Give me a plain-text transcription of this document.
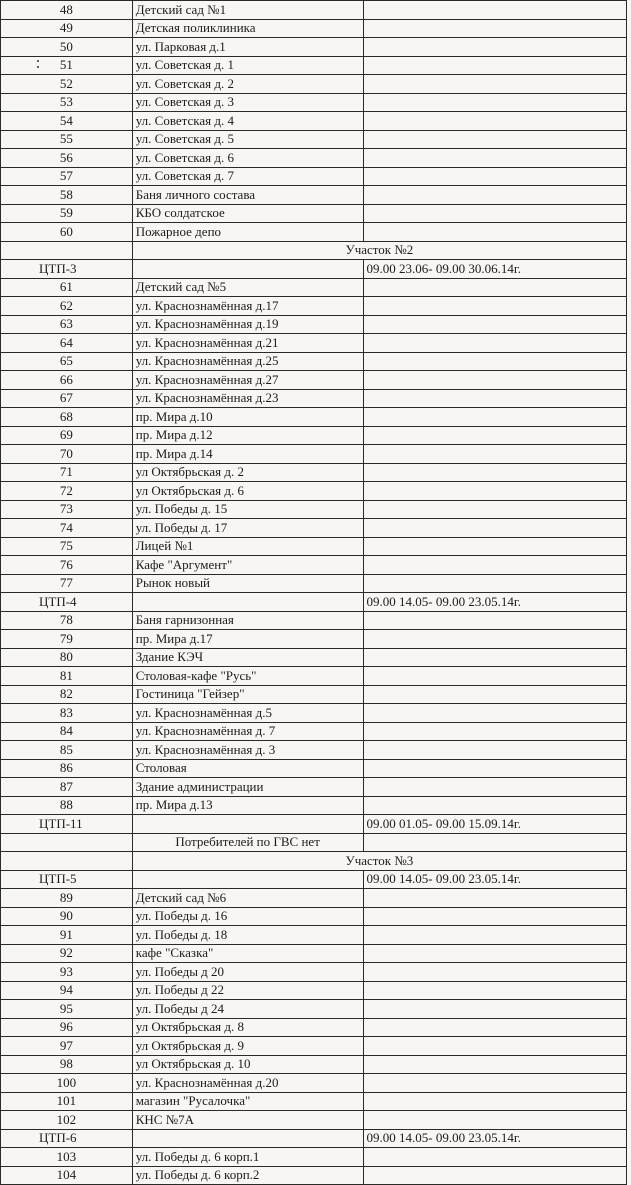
48	Детский сад №1	
49	Детская поликлиника	
50	ул. Парковая д.1	
51	ул. Советская д. 1	
52	ул. Советская д. 2	
53	ул. Советская д. 3	
54	ул. Советская д. 4	
55	ул. Советская д. 5	
56	ул. Советская д. 6	
57	ул. Советская д. 7	
58	Баня личного состава	
59	КБО солдатское	
60	Пожарное депо	
	Участок №2	
ЦТП-3		09.00 23.06- 09.00 30.06.14г.
61	Детский сад №5	
62	ул. Краснознамённая д.17	
63	ул. Краснознамённая д.19	
64	ул. Краснознамённая д.21	
65	ул. Краснознамённая д.25	
66	ул. Краснознамённая д.27	
67	ул. Краснознамённая д.23	
68	пр. Мира д.10	
69	пр. Мира д.12	
70	пр. Мира д.14	
71	ул Октябрьская д. 2	
72	ул Октябрьская д. 6	
73	ул. Победы д. 15	
74	ул. Победы д. 17	
75	Лицей №1	
76	Кафе "Аргумент"	
77	Рынок новый	
ЦТП-4		09.00 14.05- 09.00 23.05.14г.
78	Баня гарнизонная	
79	пр. Мира д.17	
80	Здание КЭЧ	
81	Столовая-кафе "Русь"	
82	Гостиница "Гейзер"	
83	ул. Краснознамённая д.5	
84	ул. Краснознамённая д. 7	
85	ул. Краснознамённая д. 3	
86	Столовая	
87	Здание администрации	
88	пр. Мира д.13	
ЦТП-11		09.00 01.05- 09.00 15.09.14г.
	Потребителей по ГВС нет	
	Участок №3	
ЦТП-5		09.00 14.05- 09.00 23.05.14г.
89	Детский сад №6	
90	ул. Победы д. 16	
91	ул. Победы д. 18	
92	кафе "Сказка"	
93	ул. Победы д 20	
94	ул. Победы д 22	
95	ул. Победы д 24	
96	ул Октябрьская д. 8	
97	ул Октябрьская д. 9	
98	ул Октябрьская д. 10	
100	ул. Краснознамённая д.20	
101	магазин "Русалочка"	
102	КНС №7А	
ЦТП-6		09.00 14.05- 09.00 23.05.14г.
103	ул. Победы д. 6 корп.1	
104	ул. Победы д. 6 корп.2	
